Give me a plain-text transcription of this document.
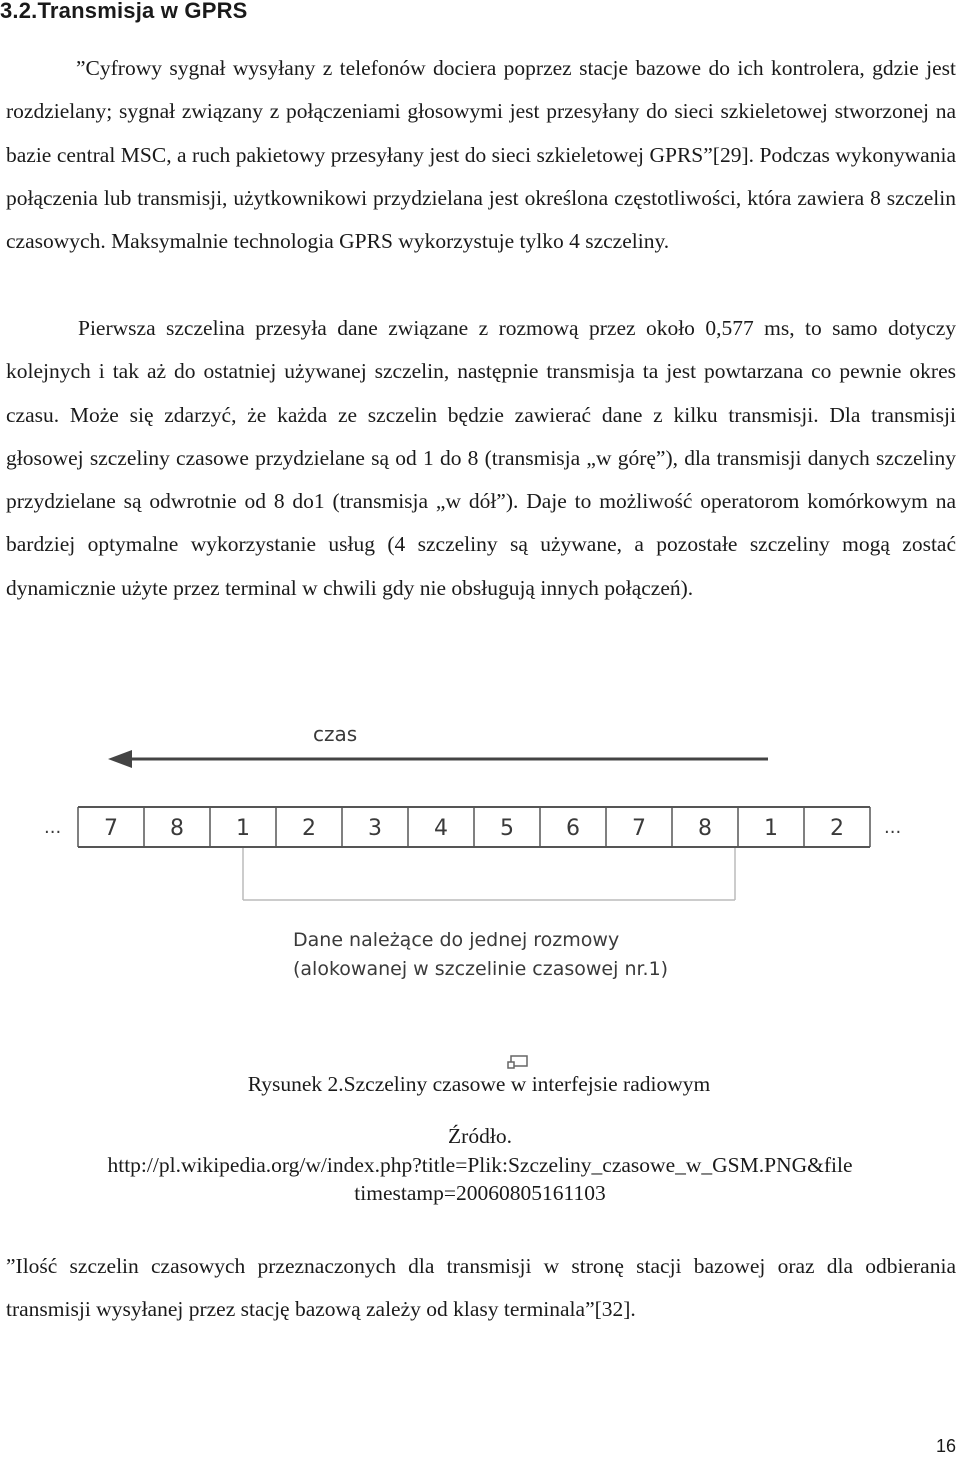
3.2.Transmisja w GPRS
”Cyfrowy sygnał wysyłany z telefonów dociera poprzez stacje bazowe do ich kontrolera, gdzie jest rozdzielany; sygnał związany z połączeniami głosowymi jest przesyłany do sieci szkieletowej stworzonej na bazie central MSC, a ruch pakietowy przesyłany jest do sieci szkieletowej GPRS”[29]. Podczas wykonywania połączenia lub transmisji, użytkownikowi przydzielana jest określona częstotliwości, która zawiera 8 szczelin czasowych. Maksymalnie technologia GPRS wykorzystuje tylko 4 szczeliny.
Pierwsza szczelina przesyła dane związane z rozmową przez około 0,577 ms, to samo dotyczy kolejnych i tak aż do ostatniej używanej szczelin, następnie transmisja ta jest powtarzana co pewnie okres czasu. Może się zdarzyć, że każda ze szczelin będzie zawierać dane z kilku transmisji. Dla transmisji głosowej szczeliny czasowe przydzielane są od 1 do 8 (transmisja „w górę”), dla transmisji danych szczeliny przydzielane są odwrotnie od 8 do1 (transmisja „w dół”). Daje to możliwość operatorom komórkowym na bardziej optymalne wykorzystanie usług (4 szczeliny są używane, a pozostałe szczeliny mogą zostać dynamicznie użyte przez terminal w chwili gdy nie obsługują innych połączeń).
czas
7 8 1 2 3 4 5 6 7 8 1 2
...	...
Dane należące do jednej rozmowy
(alokowanej w szczelinie czasowej nr.1)
Rysunek 2.Szczeliny czasowe w interfejsie radiowym
Źródło.
http://pl.wikipedia.org/w/index.php?title=Plik:Szczeliny_czasowe_w_GSM.PNG&file
timestamp=20060805161103
”Ilość szczelin czasowych przeznaczonych dla transmisji w stronę stacji bazowej oraz dla odbierania transmisji wysyłanej przez stację bazową zależy od klasy terminala”[32].
16
